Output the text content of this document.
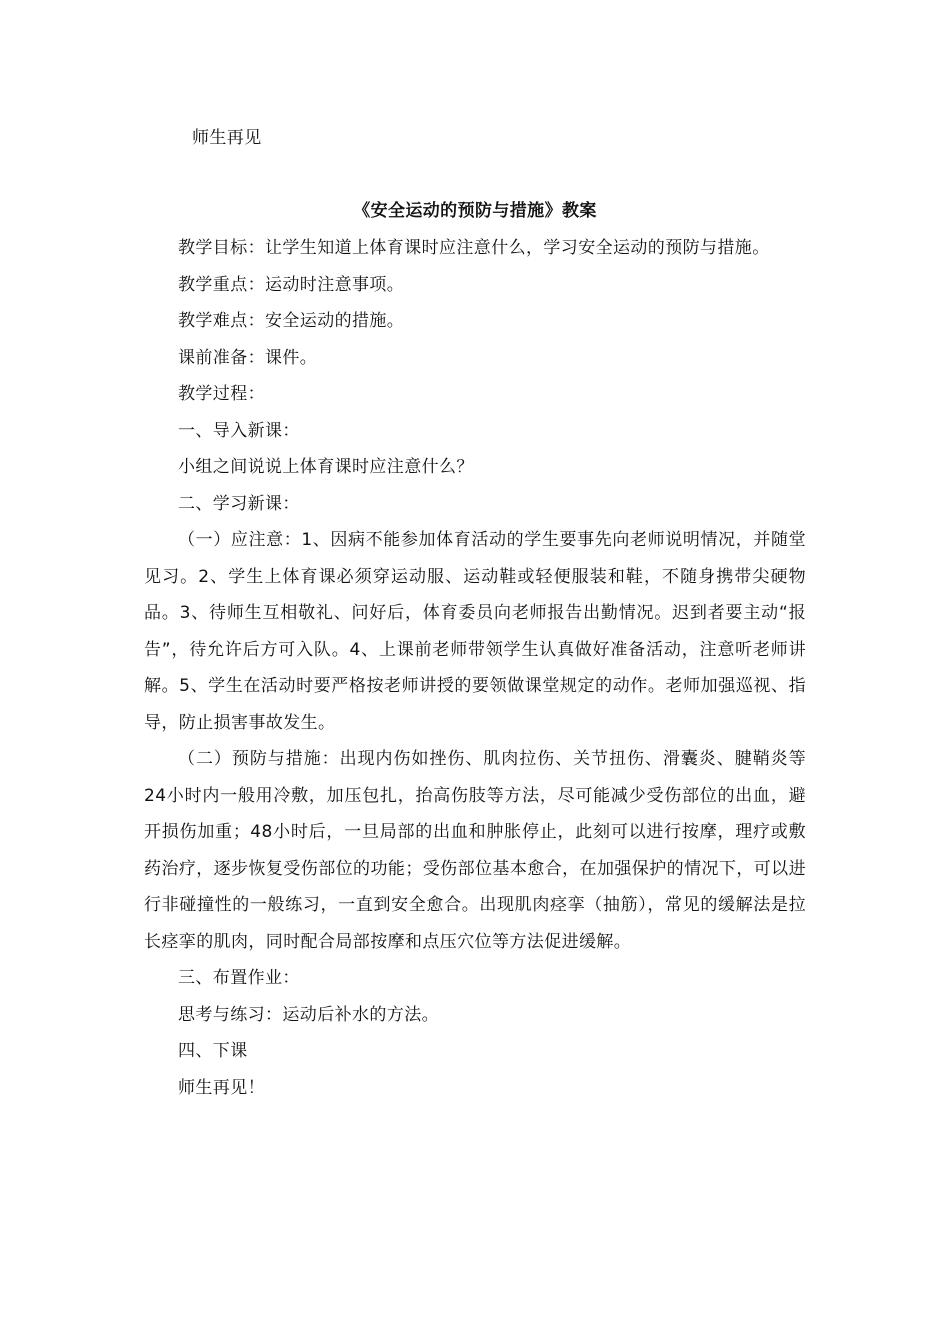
师生再见
《安全运动的预防与措施》教案

教学目标：让学生知道上体育课时应注意什么，学习安全运动的预防与措施。

教学重点：运动时注意事项。

教学难点：安全运动的措施。

课前准备：课件。

教学过程：

一、导入新课：

小组之间说说上体育课时应注意什么？

二、学习新课：

（一）应注意：1、因病不能参加体育活动的学生要事先向老师说明情况，并随堂见习。2、学生上体育课必须穿运动服、运动鞋或轻便服装和鞋，不随身携带尖硬物品。3、待师生互相敬礼、问好后，体育委员向老师报告出勤情况。迟到者要主动“报告”，待允许后方可入队。4、上课前老师带领学生认真做好准备活动，注意听老师讲解。5、学生在活动时要严格按老师讲授的要领做课堂规定的动作。老师加强巡视、指导，防止损害事故发生。

（二）预防与措施：出现内伤如挫伤、肌肉拉伤、关节扭伤、滑囊炎、腱鞘炎等24小时内一般用冷敷，加压包扎，抬高伤肢等方法，尽可能减少受伤部位的出血，避开损伤加重；48小时后，一旦局部的出血和肿胀停止，此刻可以进行按摩，理疗或敷药治疗，逐步恢复受伤部位的功能；受伤部位基本愈合，在加强保护的情况下，可以进行非碰撞性的一般练习，一直到安全愈合。出现肌肉痉挛（抽筋），常见的缓解法是拉长痉挛的肌肉，同时配合局部按摩和点压穴位等方法促进缓解。

三、布置作业：

思考与练习：运动后补水的方法。

四、下课

师生再见！
